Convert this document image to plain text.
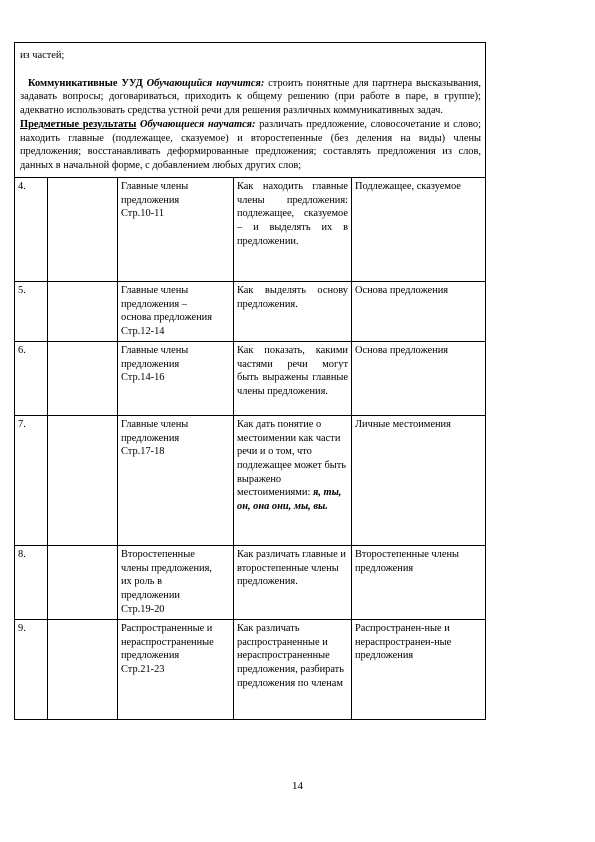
из частей;

Коммуникативные УУД Обучающийся научится: строить понятные для партнера высказывания, задавать вопросы; договариваться, приходить к общему решению (при работе в паре, в группе); адекватно использовать средства устной речи для решения различных коммуникативных задач.

Предметные результаты Обучающиеся научатся: различать предложение, словосочетание и слово; находить главные (подлежащее, сказуемое) и второстепенные (без деления на виды) члены предложения; восстанавливать деформированные предложения; составлять предложения из слов, данных в начальной форме, с добавлением любых других слов;				

4.		Главные члены
предложения
Стр.10-11	Как находить главные члены предложения: подлежащее, сказуемое – и выделять их в предложении.	Подлежащее, сказуемое
5.		Главные члены
предложения –
основа предложения
Стр.12-14	Как выделять основу предложения.	Основа предложения
6.		Главные члены
предложения
Стр.14-16	Как показать, какими частями речи могут быть выражены главные члены предложения.	Основа предложения
7.		Главные члены
предложения
Стр.17-18	Как дать понятие о местоимении как части речи и о том, что подлежащее может быть выражено местоимениями: я, ты, он, она они, мы, вы.	Личные местоимения
8.		Второстепенные
члены предложения,
их роль в
предложении
Стр.19-20	Как различать главные и второстепенные члены предложения.	Второстепенные члены предложения
9.		Распространенные и
нераспространенные
предложения
Стр.21-23	Как различать распространенные и нераспространенные предложения, разбирать предложения по членам	Распространен-ные и нераспространен-ные предложения
14
